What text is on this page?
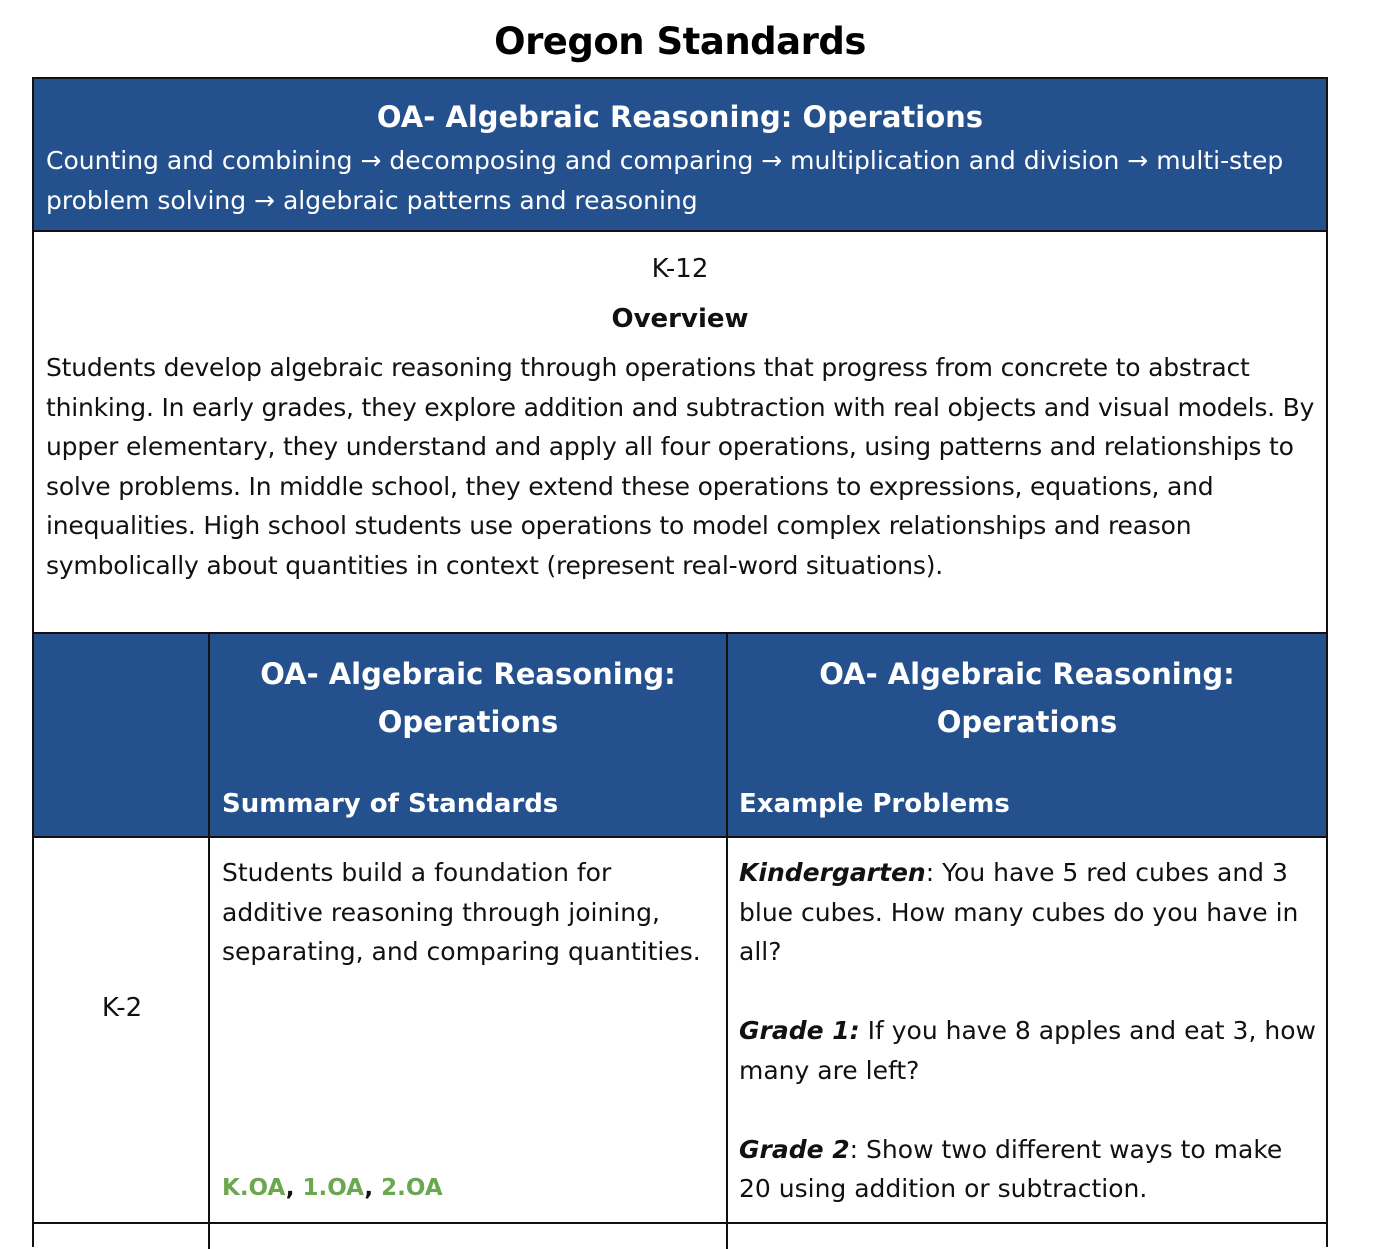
Oregon Standards
OA- Algebraic Reasoning: Operations
Counting and combining → decomposing and comparing → multiplication and division → multi-step problem solving → algebraic patterns and reasoning
K-12
Overview
Students develop algebraic reasoning through operations that progress from concrete to abstract thinking. In early grades, they explore addition and subtraction with real objects and visual models. By upper elementary, they understand and apply all four operations, using patterns and relationships to solve problems. In middle school, they extend these operations to expressions, equations, and inequalities. High school students use operations to model complex relationships and reason symbolically about quantities in context (represent real-word situations).
OA- Algebraic Reasoning: Operations
Summary of Standards
OA- Algebraic Reasoning: Operations
Example Problems
K-2
Students build a foundation for additive reasoning through joining, separating, and comparing quantities.
K.OA, 1.OA, 2.OA
Kindergarten: You have 5 red cubes and 3 blue cubes. How many cubes do you have in all?
Grade 1: If you have 8 apples and eat 3, how many are left?
Grade 2: Show two different ways to make 20 using addition or subtraction.
